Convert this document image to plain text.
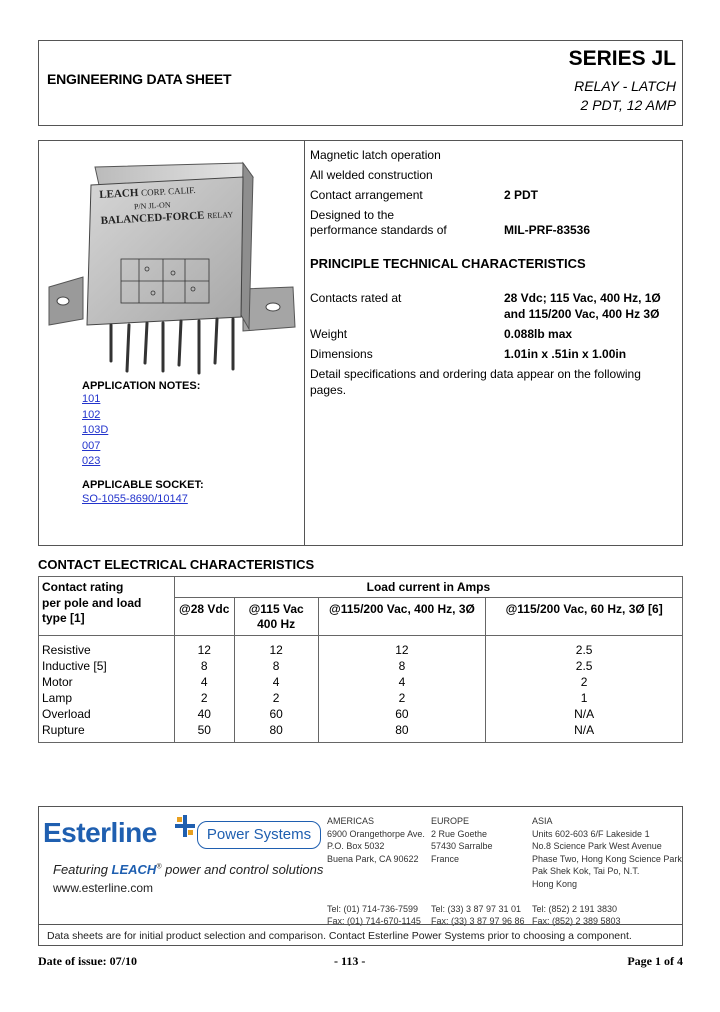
ENGINEERING DATA SHEET
SERIES JL
RELAY - LATCH
2 PDT, 12 AMP
LEACH CORP. CALIF.
P/N JL-ON
BALANCED-FORCE RELAY
APPLICATION NOTES:
101
102
103D
007
023
APPLICABLE SOCKET:
SO-1055-8690/10147
Magnetic latch operation
All welded construction
Contact arrangement	2 PDT
Designed to the
performance standards of	MIL-PRF-83536
PRINCIPLE TECHNICAL CHARACTERISTICS
Contacts rated at	28 Vdc; 115 Vac, 400 Hz, 1Ø
and 115/200 Vac, 400 Hz 3Ø
Weight	0.088lb max
Dimensions	1.01in x .51in x 1.00in
Detail specifications and ordering data appear on the following
pages.
CONTACT ELECTRICAL CHARACTERISTICS
Contact rating
per pole and load
type [1]	Load current in Amps			
	@28 Vdc	@115 Vac
400 Hz	@115/200 Vac, 400 Hz, 3Ø	@115/200 Vac, 60 Hz, 3Ø [6]
Resistive	12	12	12	2.5
Inductive [5]	8	8	8	2.5
Motor	4	4	4	2
Lamp	2	2	2	1
Overload	40	60	60	N/A
Rupture	50	80	80	N/A
Esterline	Power Systems
Featuring LEACH® power and control solutions
www.esterline.com
AMERICAS
6900 Orangethorpe Ave.
P.O. Box 5032
Buena Park, CA 90622
Tel: (01) 714-736-7599
Fax: (01) 714-670-1145
EUROPE
2 Rue Goethe
57430 Sarralbe
France
Tel: (33) 3 87 97 31 01
Fax: (33) 3 87 97 96 86
ASIA
Units 602-603 6/F Lakeside 1
No.8 Science Park West Avenue
Phase Two, Hong Kong Science Park
Pak Shek Kok, Tai Po, N.T.
Hong Kong
Tel: (852) 2 191 3830
Fax: (852) 2 389 5803
Data sheets are for initial product selection and comparison. Contact Esterline Power Systems prior to choosing a component.
Date of issue: 07/10	- 113 -	Page 1 of 4
